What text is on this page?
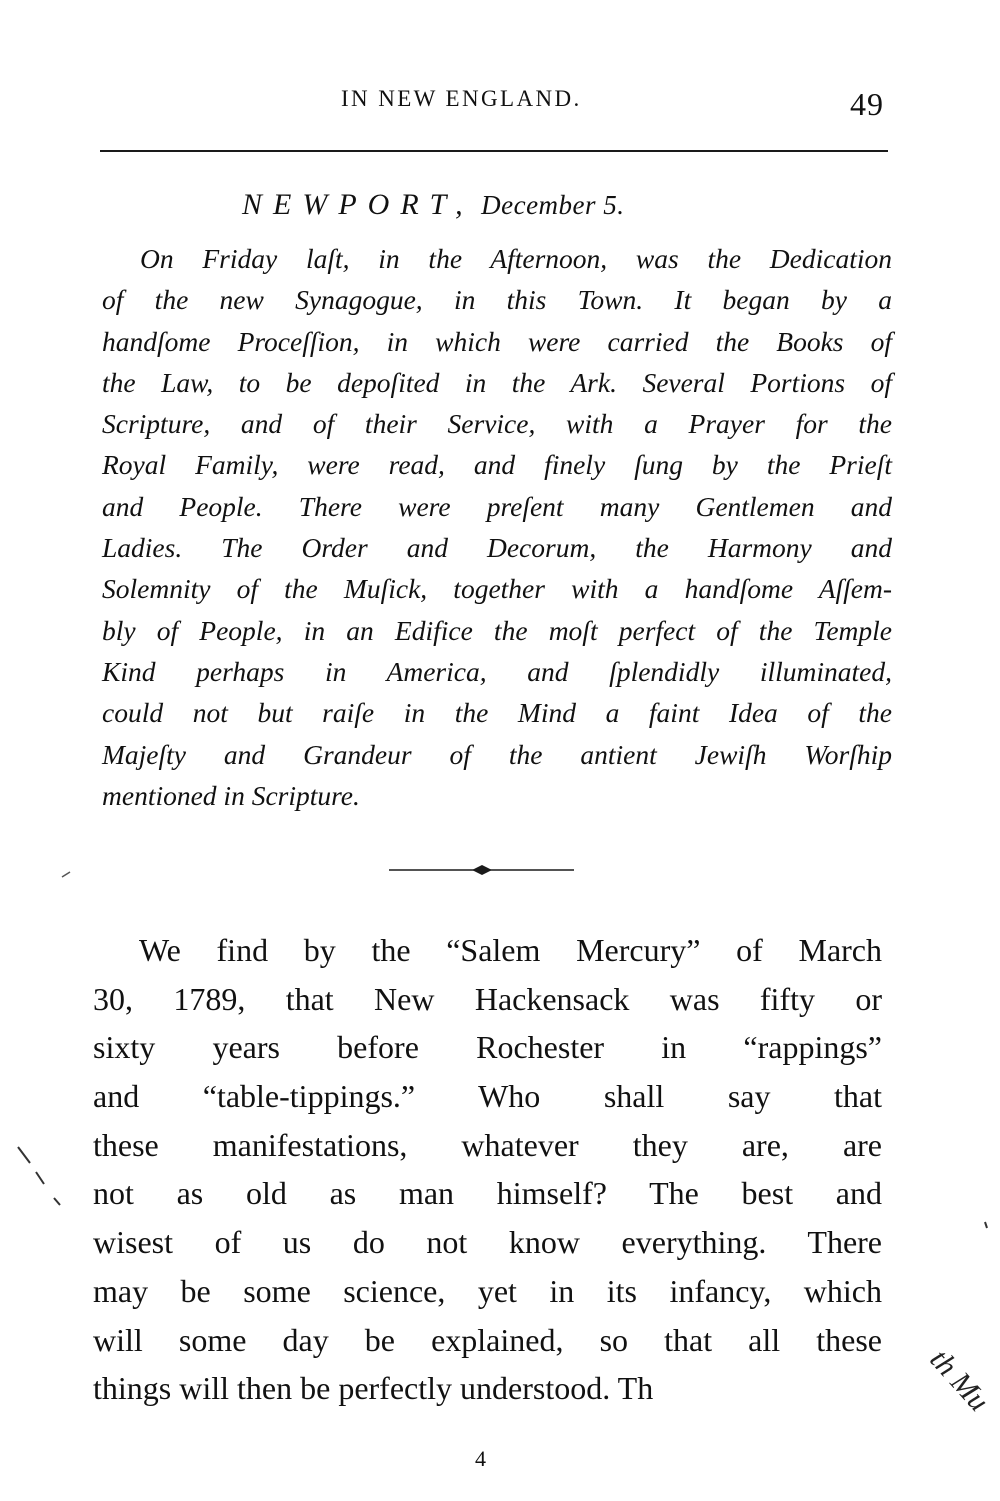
IN NEW ENGLAND.	49
NEWPORT, December 5.
On Friday laſt, in the Afternoon, was the Dedication
of the new Synagogue, in this Town. It began by a
handſome Proceſſion, in which were carried the Books of
the Law, to be depoſited in the Ark. Several Portions of
Scripture, and of their Service, with a Prayer for the
Royal Family, were read, and finely ſung by the Prieſt
and People. There were preſent many Gentlemen and
Ladies. The Order and Decorum, the Harmony and
Solemnity of the Muſick, together with a handſome Aſſem-
bly of People, in an Edifice the moſt perfect of the Temple
Kind perhaps in America, and ſplendidly illuminated,
could not but raiſe in the Mind a faint Idea of the
Majeſty and Grandeur of the antient Jewiſh Worſhip
mentioned in Scripture.
We find by the “Salem Mercury” of March
30, 1789, that New Hackensack was fifty or
sixty years before Rochester in “rappings”
and “table-tippings.” Who shall say that
these manifestations, whatever they are, are
not as old as man himself? The best and
wisest of us do not know everything. There
may be some science, yet in its infancy, which
will some day be explained, so that all these
things will then be perfectly understood. Th
4
th Mu
